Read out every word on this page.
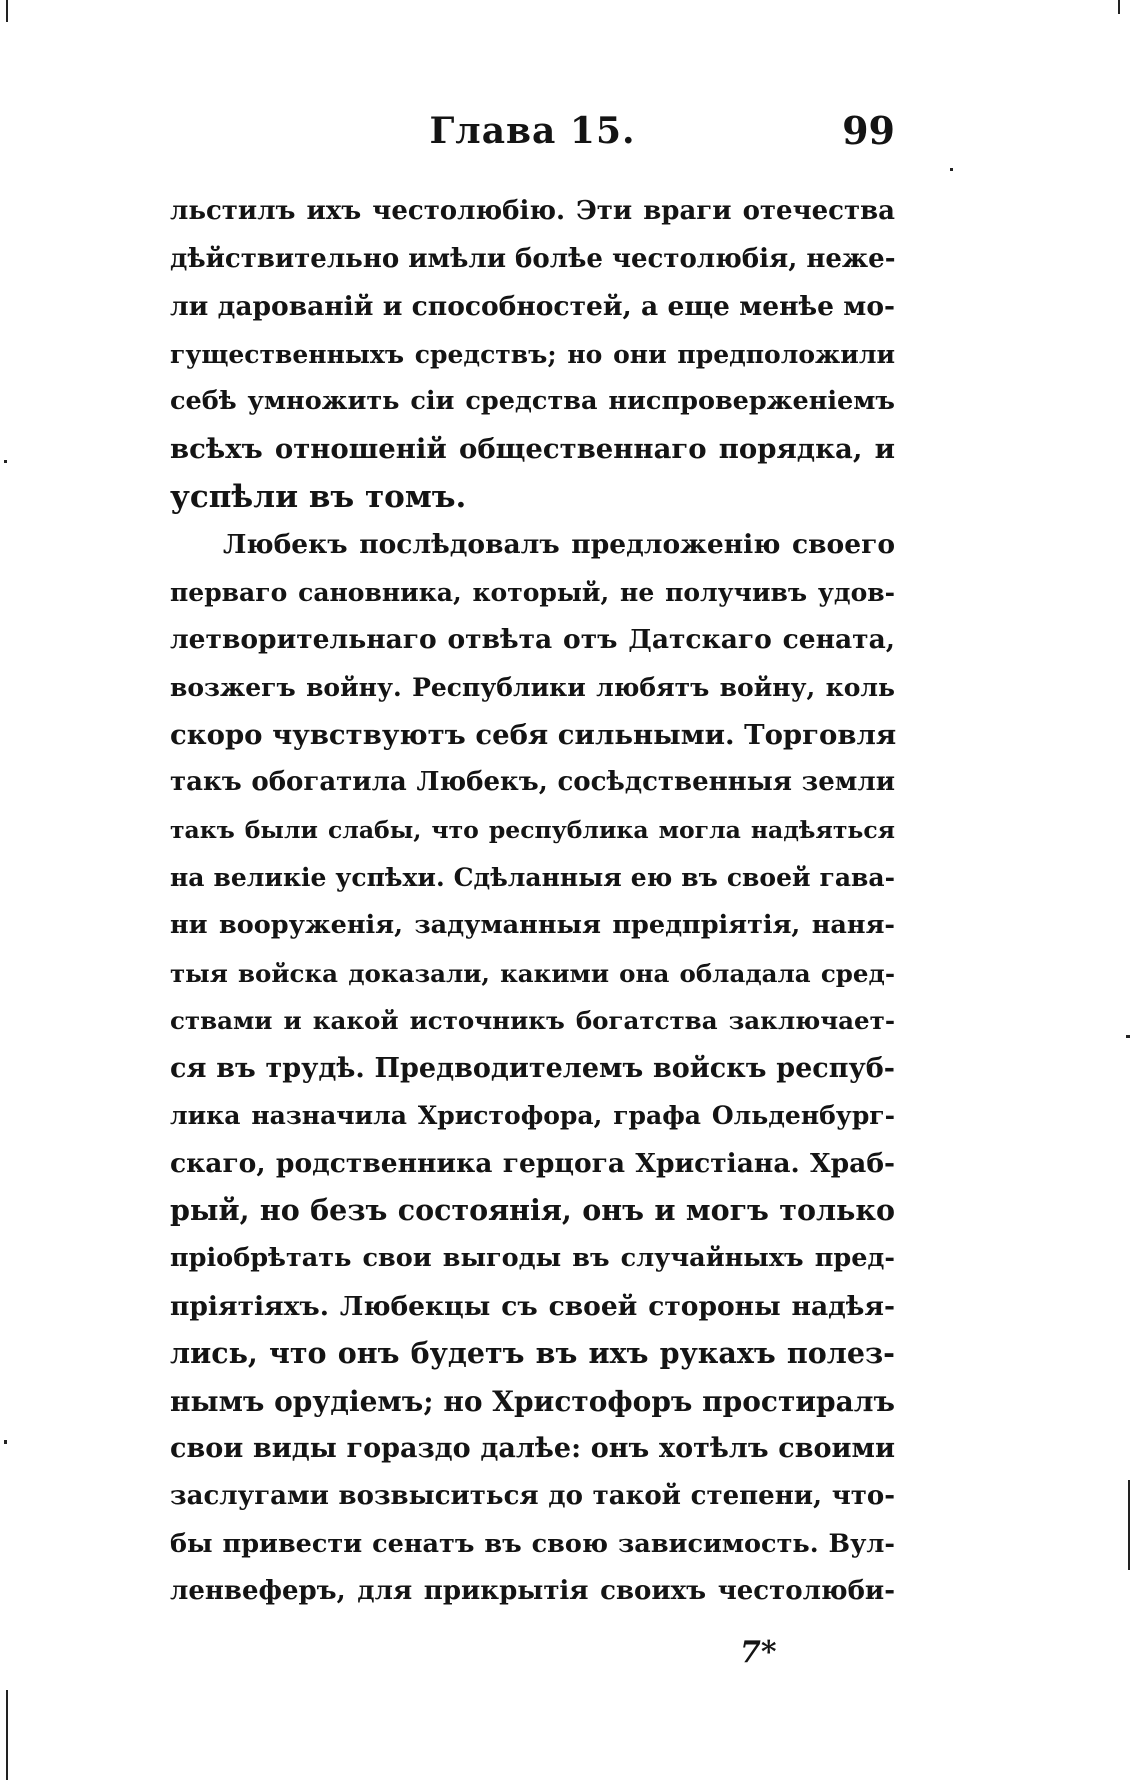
Глава 15.	99
льстилъ ихъ честолюбію. Эти враги отечества
дѣйствительно имѣли болѣе честолюбія, неже-
ли дарованій и способностей, а еще менѣе мо-
гущественныхъ средствъ; но они предположили
себѣ умножить сіи средства ниспроверженіемъ
всѣхъ отношеній общественнаго порядка, и
успѣли въ томъ.
Любекъ послѣдовалъ предложенію своего
перваго сановника, который, не получивъ удов-
летворительнаго отвѣта отъ Датскаго сената,
возжегъ войну. Республики любятъ войну, коль
скоро чувствуютъ себя сильными. Торговля
такъ обогатила Любекъ, сосѣдственныя земли
такъ были слабы, что республика могла надѣяться
на великіе успѣхи. Сдѣланныя ею въ своей гава-
ни вооруженія, задуманныя предпріятія, наня-
тыя войска доказали, какими она обладала сред-
ствами и какой источникъ богатства заключает-
ся въ трудѣ. Предводителемъ войскъ респуб-
лика назначила Христофора, графа Ольденбург-
скаго, родственника герцога Христіана. Храб-
рый, но безъ состоянія, онъ и могъ только
пріобрѣтать свои выгоды въ случайныхъ пред-
пріятіяхъ. Любекцы съ своей стороны надѣя-
лись, что онъ будетъ въ ихъ рукахъ полез-
нымъ орудіемъ; но Христофоръ простиралъ
свои виды гораздо далѣе: онъ хотѣлъ своими
заслугами возвыситься до такой степени, что-
бы привести сенатъ въ свою зависимость. Вул-
ленвеферъ, для прикрытія своихъ честолюби-
7*
